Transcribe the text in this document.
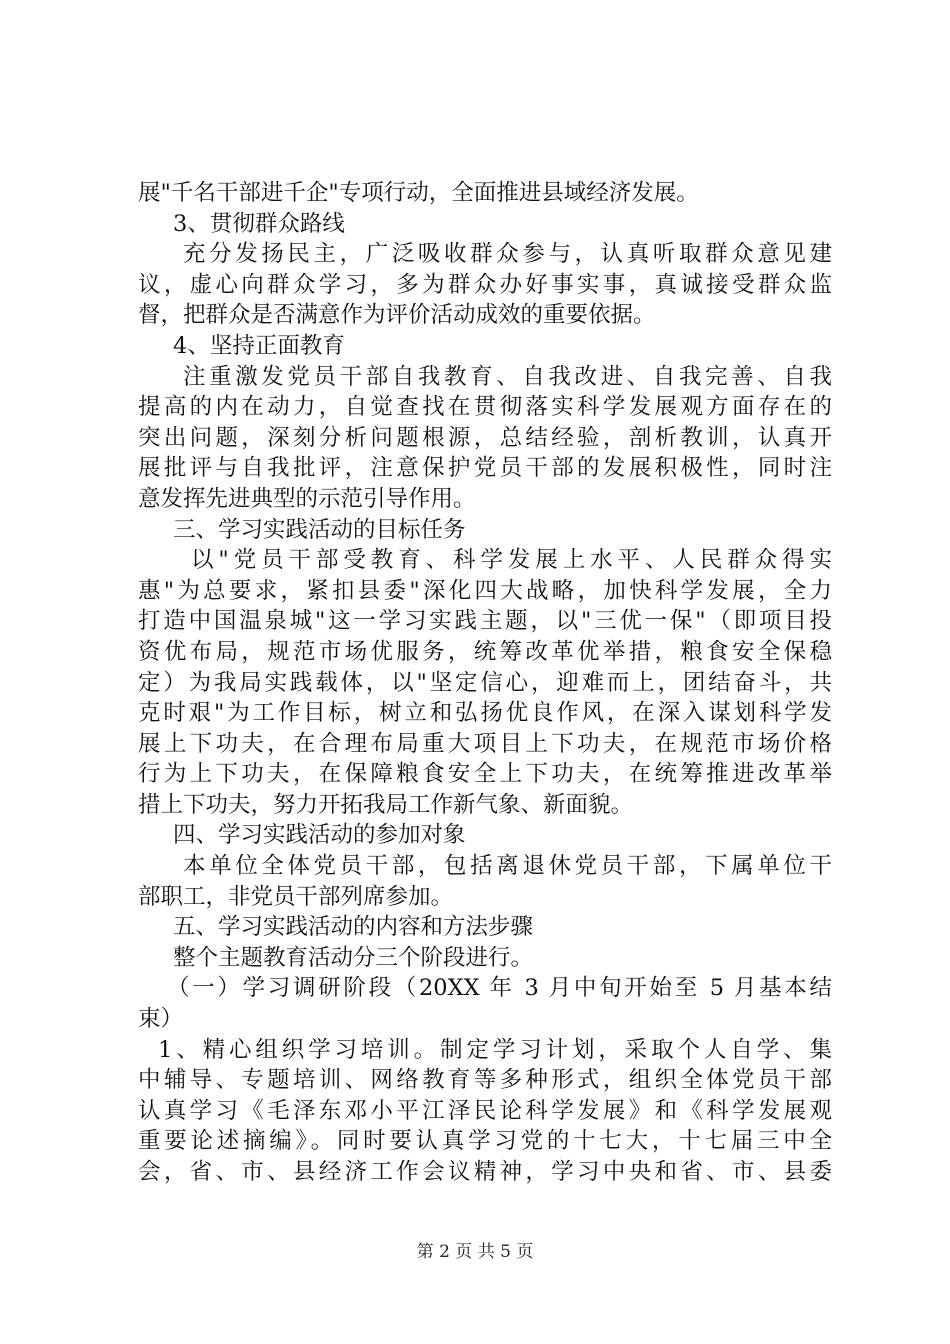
展"千名干部进千企"专项行动，全面推进县域经济发展。
3、贯彻群众路线
充分发扬民主，广泛吸收群众参与，认真听取群众意见建
议，虚心向群众学习，多为群众办好事实事，真诚接受群众监
督，把群众是否满意作为评价活动成效的重要依据。
4、坚持正面教育
注重激发党员干部自我教育、自我改进、自我完善、自我
提高的内在动力，自觉查找在贯彻落实科学发展观方面存在的
突出问题，深刻分析问题根源，总结经验，剖析教训，认真开
展批评与自我批评，注意保护党员干部的发展积极性，同时注
意发挥先进典型的示范引导作用。
三、学习实践活动的目标任务
以"党员干部受教育、科学发展上水平、人民群众得实
惠"为总要求，紧扣县委"深化四大战略，加快科学发展，全力
打造中国温泉城"这一学习实践主题，以"三优一保"（即项目投
资优布局，规范市场优服务，统筹改革优举措，粮食安全保稳
定）为我局实践载体，以"坚定信心，迎难而上，团结奋斗，共
克时艰"为工作目标，树立和弘扬优良作风，在深入谋划科学发
展上下功夫，在合理布局重大项目上下功夫，在规范市场价格
行为上下功夫，在保障粮食安全上下功夫，在统筹推进改革举
措上下功夫，努力开拓我局工作新气象、新面貌。
四、学习实践活动的参加对象
本单位全体党员干部，包括离退休党员干部，下属单位干
部职工，非党员干部列席参加。
五、学习实践活动的内容和方法步骤
整个主题教育活动分三个阶段进行。
（一）学习调研阶段（20XX 年 3 月中旬开始至 5 月基本结
束）
1、精心组织学习培训。制定学习计划，采取个人自学、集
中辅导、专题培训、网络教育等多种形式，组织全体党员干部
认真学习《毛泽东邓小平江泽民论科学发展》和《科学发展观
重要论述摘编》。同时要认真学习党的十七大，十七届三中全
会，省、市、县经济工作会议精神，学习中央和省、市、县委
第 2 页 共 5 页
